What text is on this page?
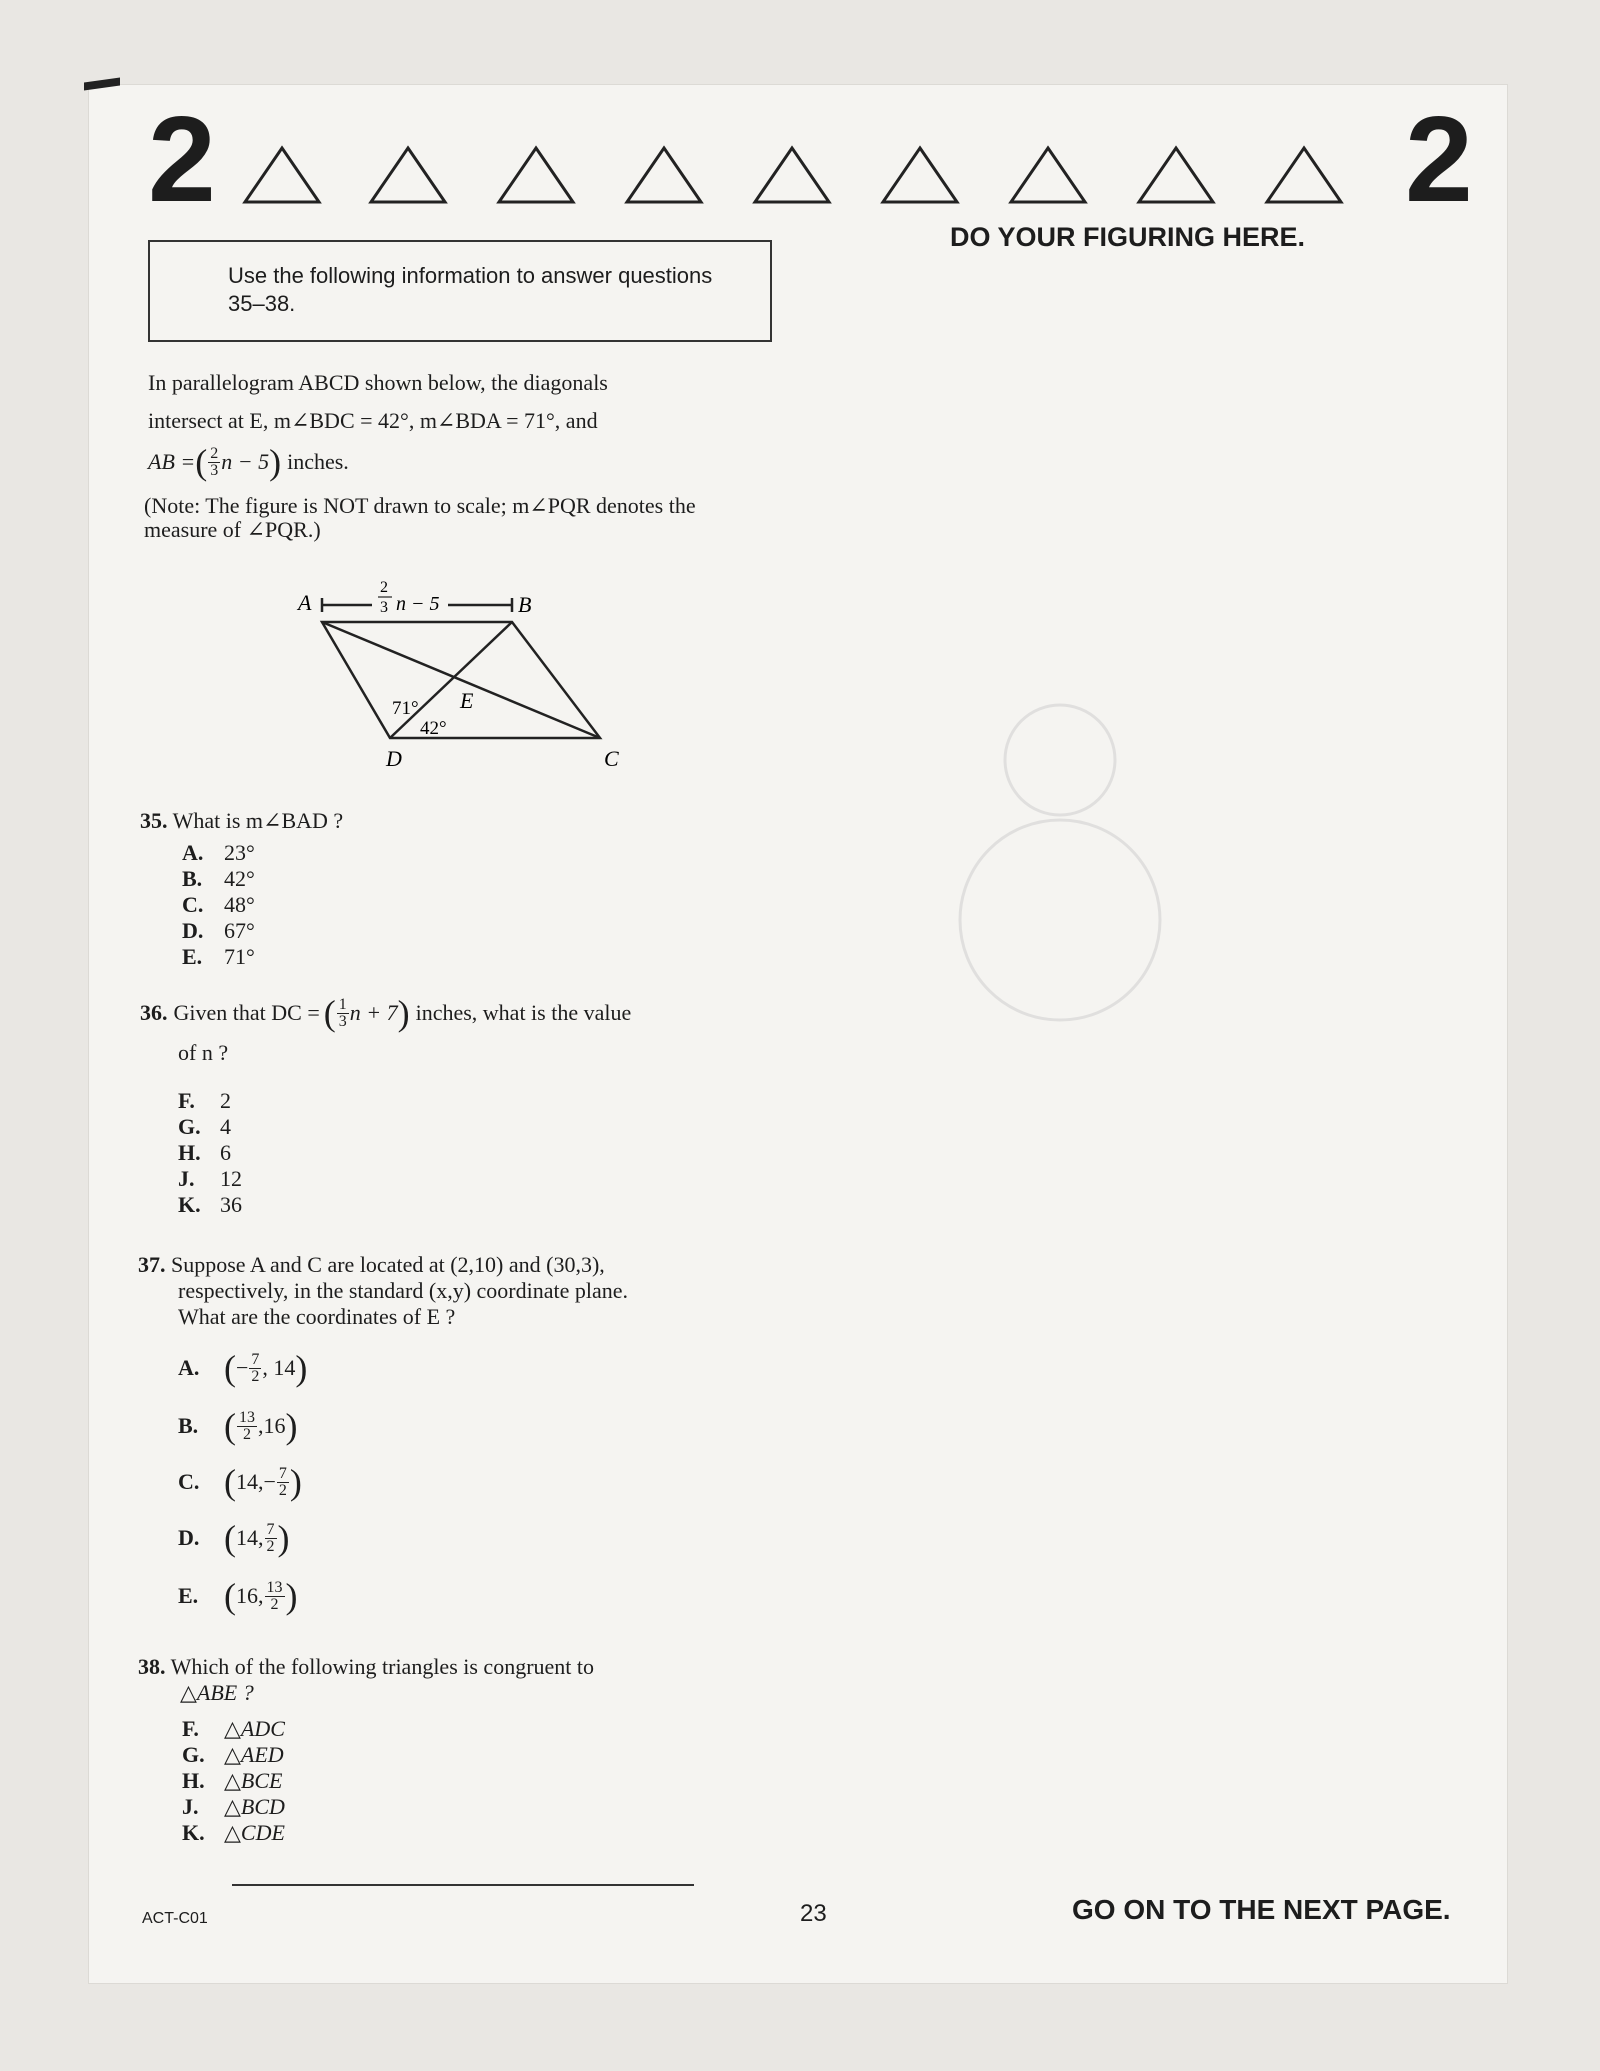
2	2
DO YOUR FIGURING HERE.
Use the following information to answer questions 35–38.
In parallelogram ABCD shown below, the diagonals
intersect at E, m∠BDC = 42°, m∠BDA = 71°, and
AB = ( $\frac{2}{3}$ n − 5 ) inches.
(Note: The figure is NOT drawn to scale; m∠PQR denotes the measure of ∠PQR.)
A	B
C
D
E
2
3 n − 5
71°
42°
35. What is m∠BAD ?
A. 23°
B. 42°
C. 48°
D. 67°
E. 71°
36. Given that DC = ( $\frac{1}{3}$ n + 7 ) inches, what is the value
of n ?
F.	2
G. 4
H. 6
J.	12
K. 36
37. Suppose A and C are located at (2,10) and (30,3),
respectively, in the standard (x,y) coordinate plane.
What are the coordinates of E ?
A. ( − $\frac{7}{2}$ , 14 )
B. ( $\frac{13}{2} ,16$ )
C. ( $14,- \frac{7}{2}$ )
D. ( 14, $\frac{7}{2}$ )
E. ( 16, $\frac{13}{2}$ )
38. Which of the following triangles is congruent to
△ABE ?
F.	△ADC
G. △AED
H. △BCE
J.	△BCD
K. △CDE
ACT-C01	23	GO ON TO THE NEXT PAGE.
